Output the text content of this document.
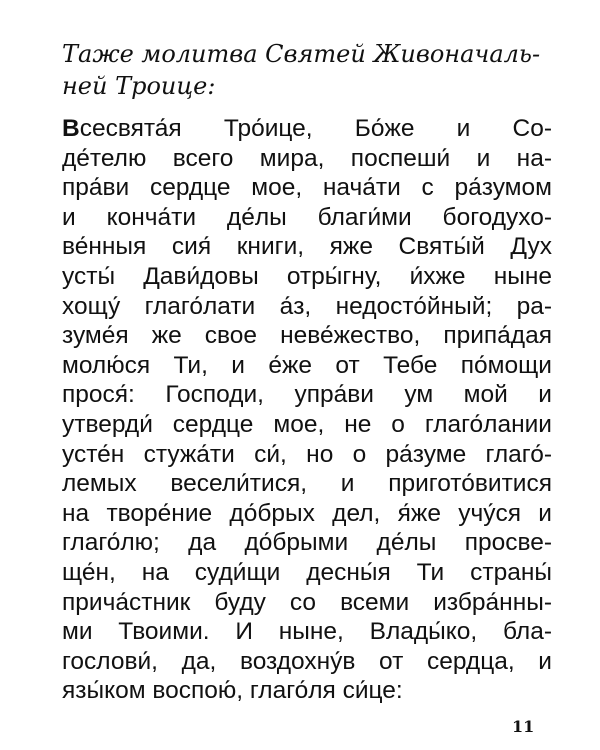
Таже молитва Святей Живоначаль-
ней Троице:
Всесвята́я Тро́ице, Бо́же и Со-
де́телю всего мира, поспеши́ и на-
пра́ви сердце мое, нача́ти с ра́зумом
и конча́ти де́лы благи́ми богодухо-
ве́нныя сия́ книги, яже Святы́й Дух
усты́ Дави́довы отры́гну, и́хже ныне
хощу́ глаго́лати а́з, недосто́йный; ра-
зуме́я же свое неве́жество, припа́дая
молю́ся Ти, и е́же от Тебе по́мощи
прося́: Господи, упра́ви ум мой и
утверди́ сердце мое, не о глаго́лании
усте́н стужа́ти си́, но о ра́зуме глаго́-
лемых весели́тися, и пригото́витися
на творе́ние до́брых дел, я́же учу́ся и
глаго́лю; да до́брыми де́лы просве-
ще́н, на суди́щи десны́я Ти страны́
прича́стник буду со всеми избра́нны-
ми Твоими. И ныне, Влады́ко, бла-
гослови́, да, воздохну́в от сердца, и
язы́ком воспою́, глаго́ля си́це:
11
